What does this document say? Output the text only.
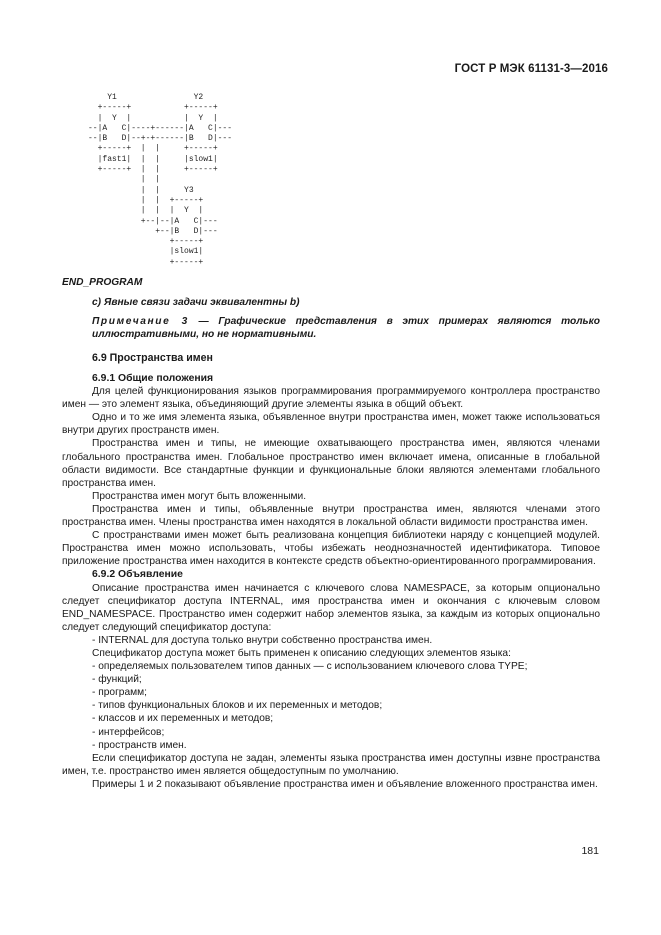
ГОСТ Р МЭК 61131-3—2016
Y1                Y2
+-----+           +-----+
|  Y  |           |  Y  |
--|A   C|----+------|A   C|---
--|B   D|--+-+------|B   D|---
+-----+  |  |     +-----+
|fast1|  |  |     |slow1|
+-----+  |  |     +-----+
|  |
|  |     Y3
|  |  +-----+
|  |  |  Y  |
+--|--|A   C|---
+--|B   D|---
+-----+
|slow1|
+-----+

END_PROGRAM

c) Явные связи задачи эквивалентны b)

Примечание 3 — Графические представления в этих примерах являются только иллюстративными, но не нормативными.

6.9 Пространства имен

6.9.1 Общие положения

Для целей функционирования языков программирования программируемого контроллера пространство имен — это элемент языка, объединяющий другие элементы языка в общий объект.

Одно и то же имя элемента языка, объявленное внутри пространства имен, может также использоваться внутри других пространств имен.

Пространства имен и типы, не имеющие охватывающего пространства имен, являются членами глобального пространства имен. Глобальное пространство имен включает имена, описанные в глобальной области видимости. Все стандартные функции и функциональные блоки являются элементами глобального пространства имен.

Пространства имен могут быть вложенными.

Пространства имен и типы, объявленные внутри пространства имен, являются членами этого пространства имен. Члены пространства имен находятся в локальной области видимости пространства имен.

С пространствами имен может быть реализована концепция библиотеки наряду с концепцией модулей. Пространства имен можно использовать, чтобы избежать неоднозначностей идентификатора. Типовое приложение пространства имен находится в контексте средств объектно-ориентированного программирования.

6.9.2 Объявление

Описание пространства имен начинается с ключевого слова NAMESPACE, за которым опционально следует спецификатор доступа INTERNAL, имя пространства имен и окончания с ключевым словом END_NAMESPACE. Пространство имен содержит набор элементов языка, за каждым из которых опционально следует следующий спецификатор доступа:

- INTERNAL для доступа только внутри собственно пространства имен.

Спецификатор доступа может быть применен к описанию следующих элементов языка:

- определяемых пользователем типов данных — с использованием ключевого слова TYPE;

- функций;

- программ;

- типов функциональных блоков и их переменных и методов;

- классов и их переменных и методов;

- интерфейсов;

- пространств имен.

Если спецификатор доступа не задан, элементы языка пространства имен доступны извне пространства имен, т.е. пространство имен является общедоступным по умолчанию.

Примеры 1 и 2 показывают объявление пространства имен и объявление вложенного пространства имен.

181
